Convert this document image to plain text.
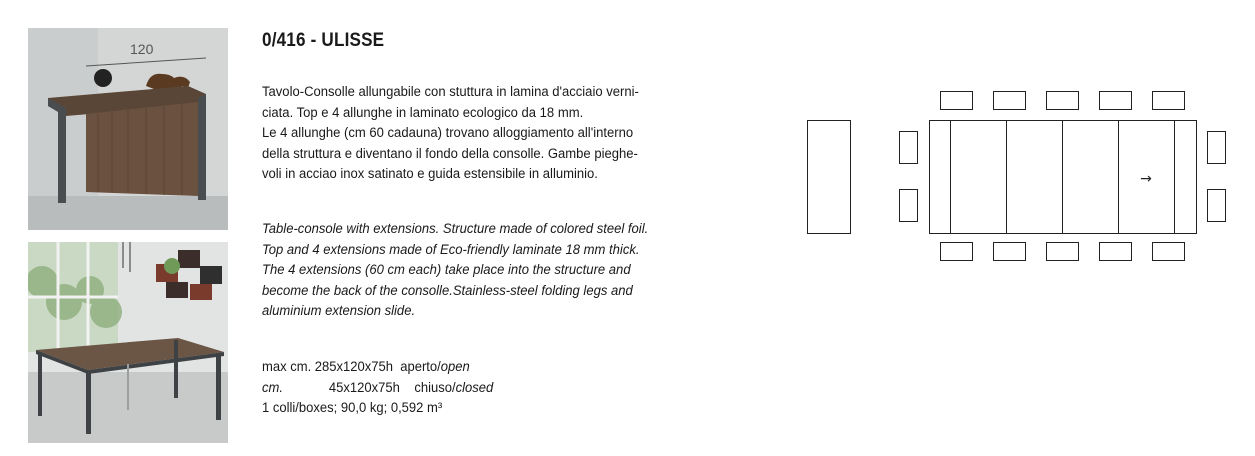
120	0/416 - ULISSE
Tavolo-Consolle allungabile con stuttura in lamina d'acciaio verni-
ciata. Top e 4 allunghe in laminato ecologico da 18 mm.
Le 4 allunghe (cm 60 cadauna) trovano alloggiamento all'interno
della struttura e diventano il fondo della consolle. Gambe pieghe-
voli in acciao inox satinato e guida estensibile in alluminio.
Table-console with extensions. Structure made of colored steel foil.
Top and 4 extensions made of Eco-friendly laminate 18 mm thick.
The 4 extensions (60 cm each) take place into the structure and
become the back of the consolle.Stainless-steel folding legs and
aluminium extension slide.
max cm. 285x120x75h aperto/open
cm.	45x120x75h chiuso/closed
1 colli/boxes; 90,0 kg; 0,592 m³
→
